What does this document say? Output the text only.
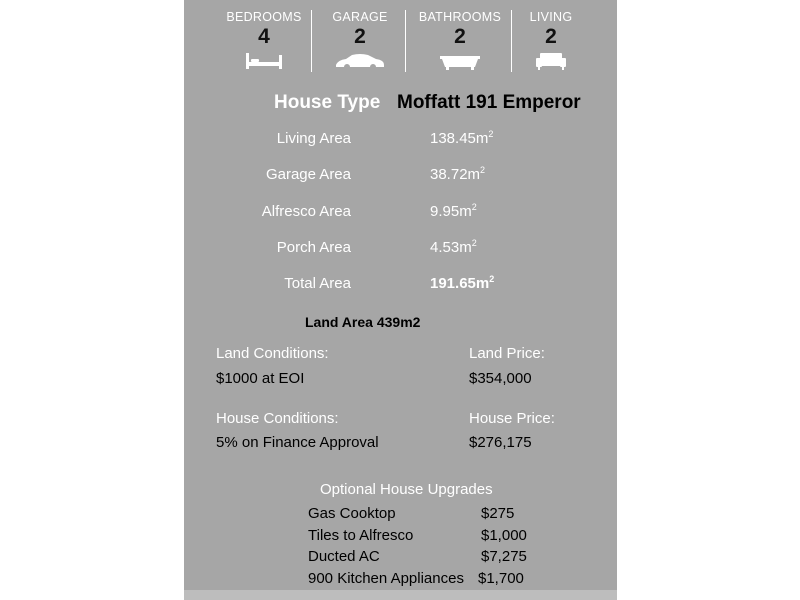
BEDROOMS
4
GARAGE
2
BATHROOMS
2
LIVING
2
House Type Moffatt 191 Emperor
Living Area	$138.45m^2$
Garage Area	$38.72m^2$
Alfresco Area	$9.95m^2$
Porch Area	$4.53m^2$
Total Area	$191.65m^2$
Land Area 439m2
Land Conditions:
$1000 at EOI
Land Price:
$354,000
House Conditions:
5% on Finance Approval
House Price:
$276,175
Optional House Upgrades
Gas Cooktop	$275
Tiles to Alfresco	$1,000
Ducted AC	$7,275
900 Kitchen Appliances $1,700
